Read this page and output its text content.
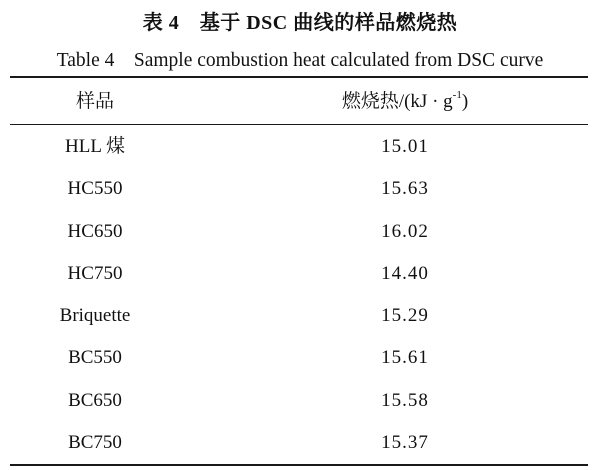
表 4　基于 DSC 曲线的样品燃烧热
Table 4　Sample combustion heat calculated from DSC curve
样品	燃烧热$/(kJ \cdot g^{-1})$
HLL 煤	15.01
HC550	15.63
HC650	16.02
HC750	14.40
Briquette	15.29
BC550	15.61
BC650	15.58
BC750	15.37
